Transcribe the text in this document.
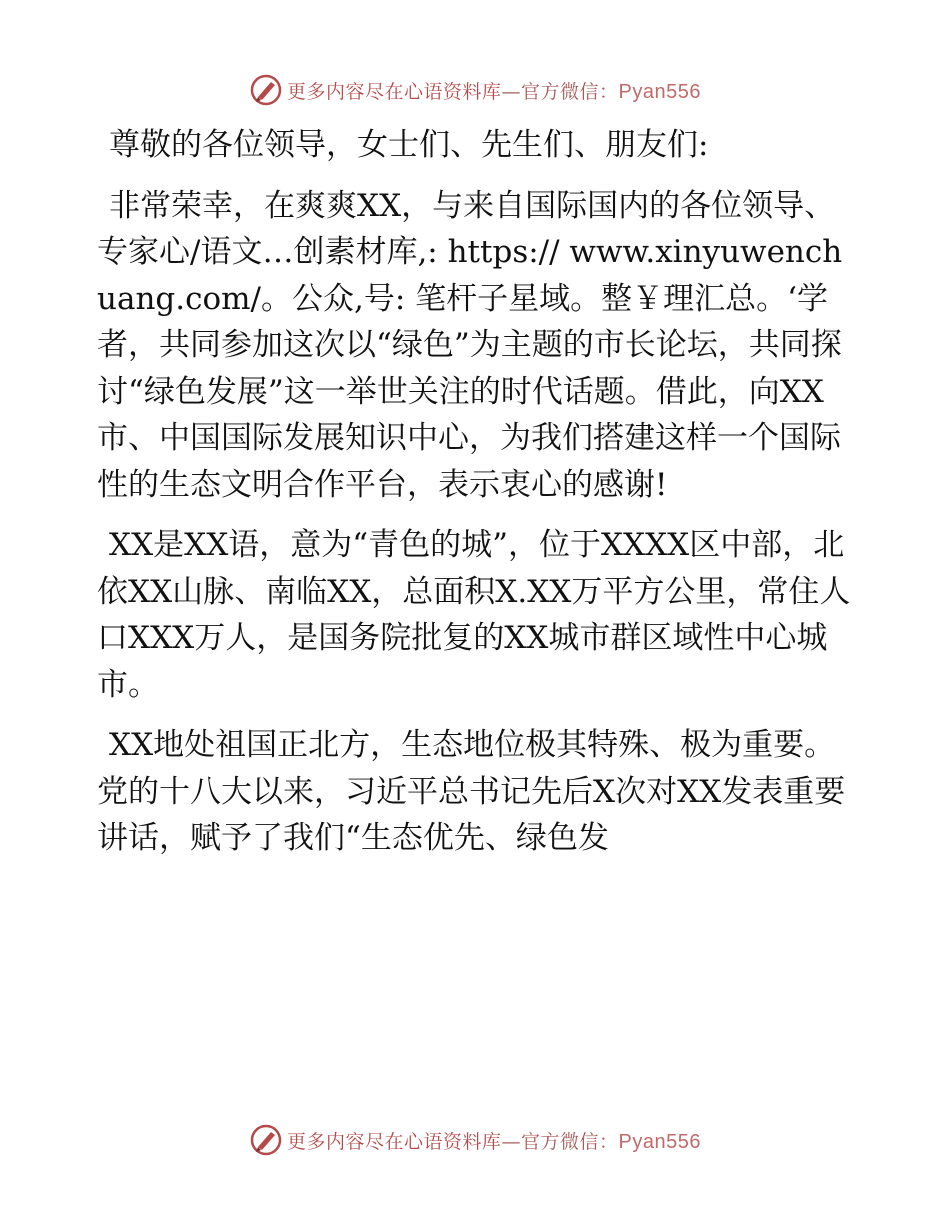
更多内容尽在心语资料库—官方微信：Pyan556

尊敬的各位领导，女士们、先生们、朋友们:

非常荣幸，在爽爽XX，与来自国际国内的各位领导、专家心/语文…创素材库,: https:// www.xinyuwenchuang.com/。公众,号: 笔杆子星域。整￥理汇总。‘学者，共同参加这次以“绿色”为主题的市长论坛，共同探讨“绿色发展”这一举世关注的时代话题。借此，向XX市、中国国际发展知识中心，为我们搭建这样一个国际性的生态文明合作平台，表示衷心的感谢!

XX是XX语，意为“青色的城”，位于XXXX区中部，北依XX山脉、南临XX，总面积X.XX万平方公里，常住人口XXX万人，是国务院批复的XX城市群区域性中心城市。

XX地处祖国正北方，生态地位极其特殊、极为重要。党的十八大以来，习近平总书记先后X次对XX发表重要讲话，赋予了我们“生态优先、绿色发

更多内容尽在心语资料库—官方微信：Pyan556
